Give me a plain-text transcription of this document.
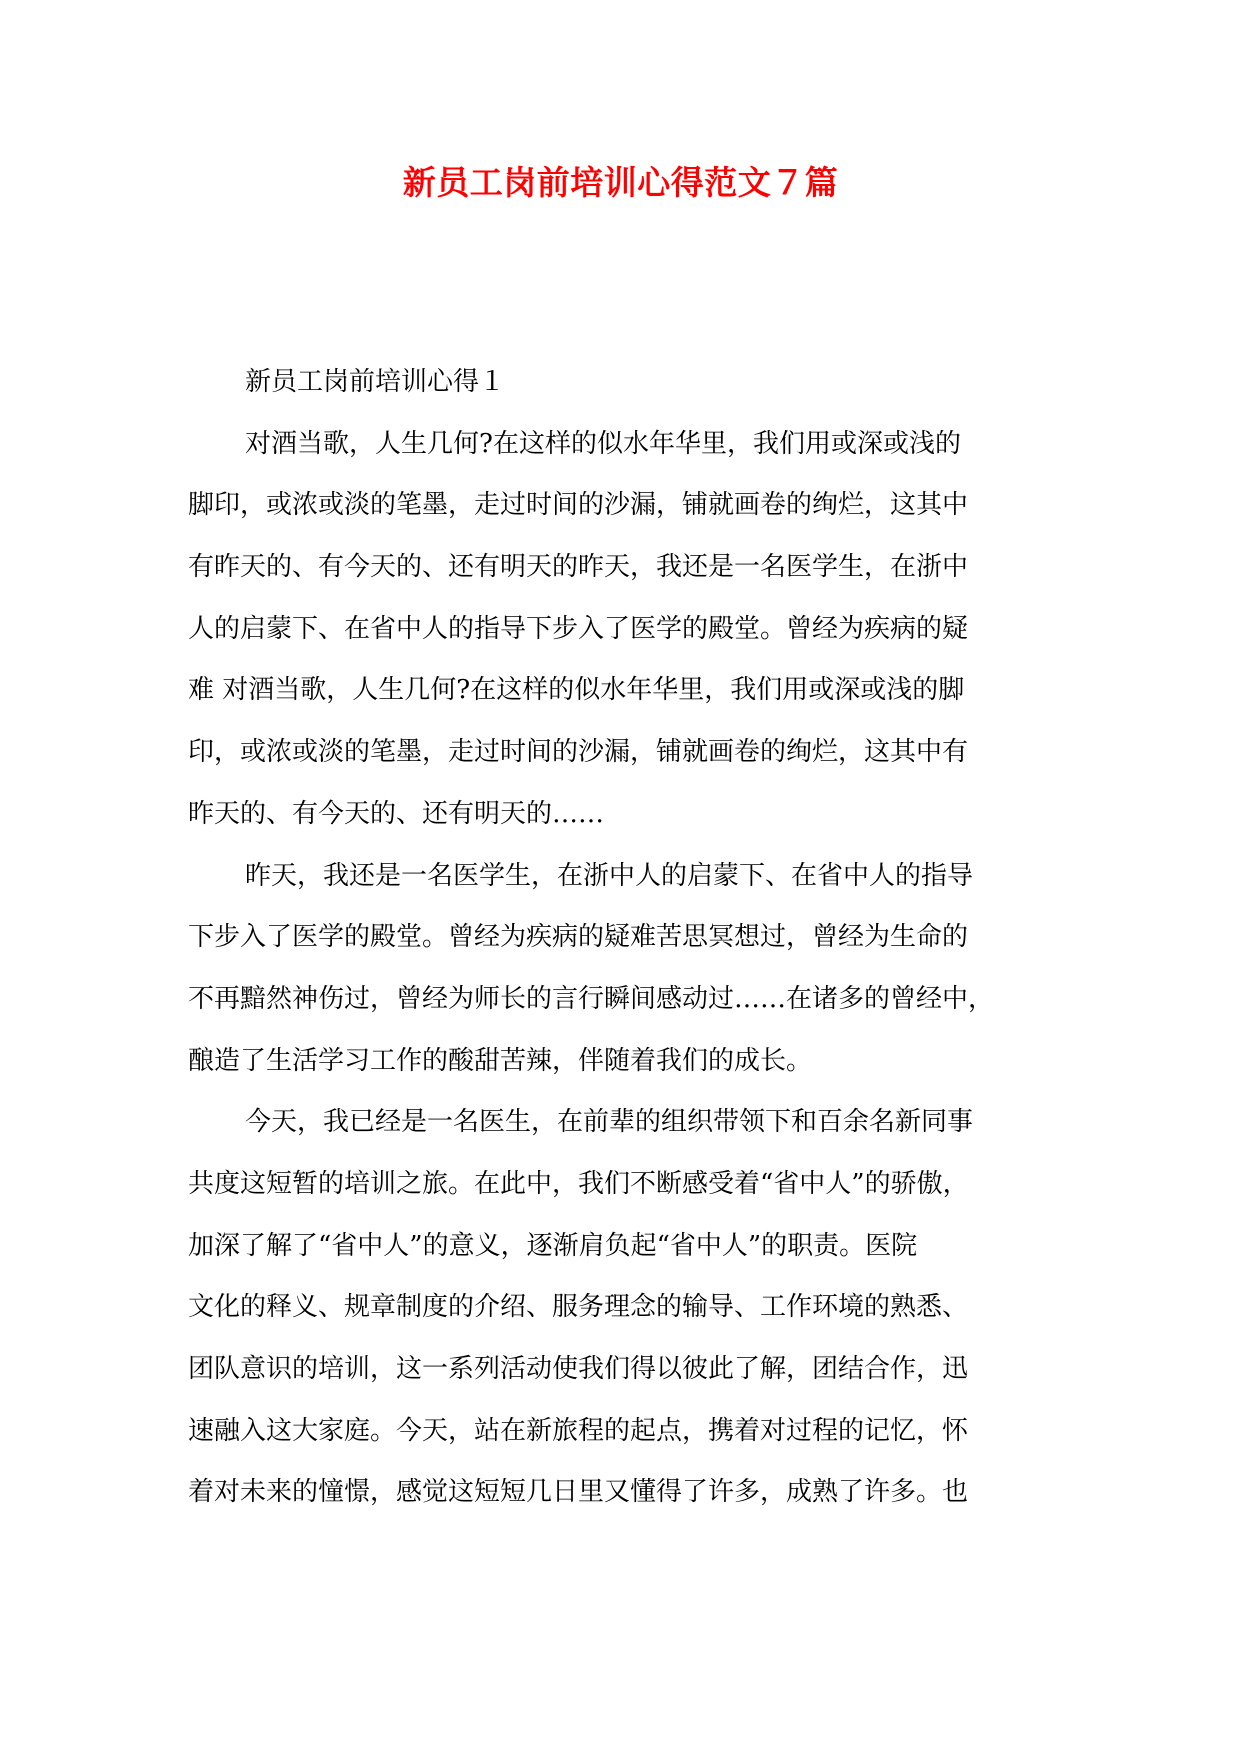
新员工岗前培训心得范文７篇
新员工岗前培训心得１
对酒当歌，人生几何?在这样的似水年华里，我们用或深或浅的
脚印，或浓或淡的笔墨，走过时间的沙漏，铺就画卷的绚烂，这其中
有昨天的、有今天的、还有明天的昨天，我还是一名医学生，在浙中
人的启蒙下、在省中人的指导下步入了医学的殿堂。曾经为疾病的疑
难 对酒当歌，人生几何?在这样的似水年华里，我们用或深或浅的脚
印，或浓或淡的笔墨，走过时间的沙漏，铺就画卷的绚烂，这其中有
昨天的、有今天的、还有明天的……
昨天，我还是一名医学生，在浙中人的启蒙下、在省中人的指导
下步入了医学的殿堂。曾经为疾病的疑难苦思冥想过，曾经为生命的
不再黯然神伤过，曾经为师长的言行瞬间感动过……在诸多的曾经中，
酿造了生活学习工作的酸甜苦辣，伴随着我们的成长。
今天，我已经是一名医生，在前辈的组织带领下和百余名新同事
共度这短暂的培训之旅。在此中，我们不断感受着“省中人”的骄傲，
加深了解了“省中人”的意义，逐渐肩负起“省中人”的职责。医院
文化的释义、规章制度的介绍、服务理念的输导、工作环境的熟悉、
团队意识的培训，这一系列活动使我们得以彼此了解，团结合作，迅
速融入这大家庭。今天，站在新旅程的起点，携着对过程的记忆，怀
着对未来的憧憬，感觉这短短几日里又懂得了许多，成熟了许多。也
